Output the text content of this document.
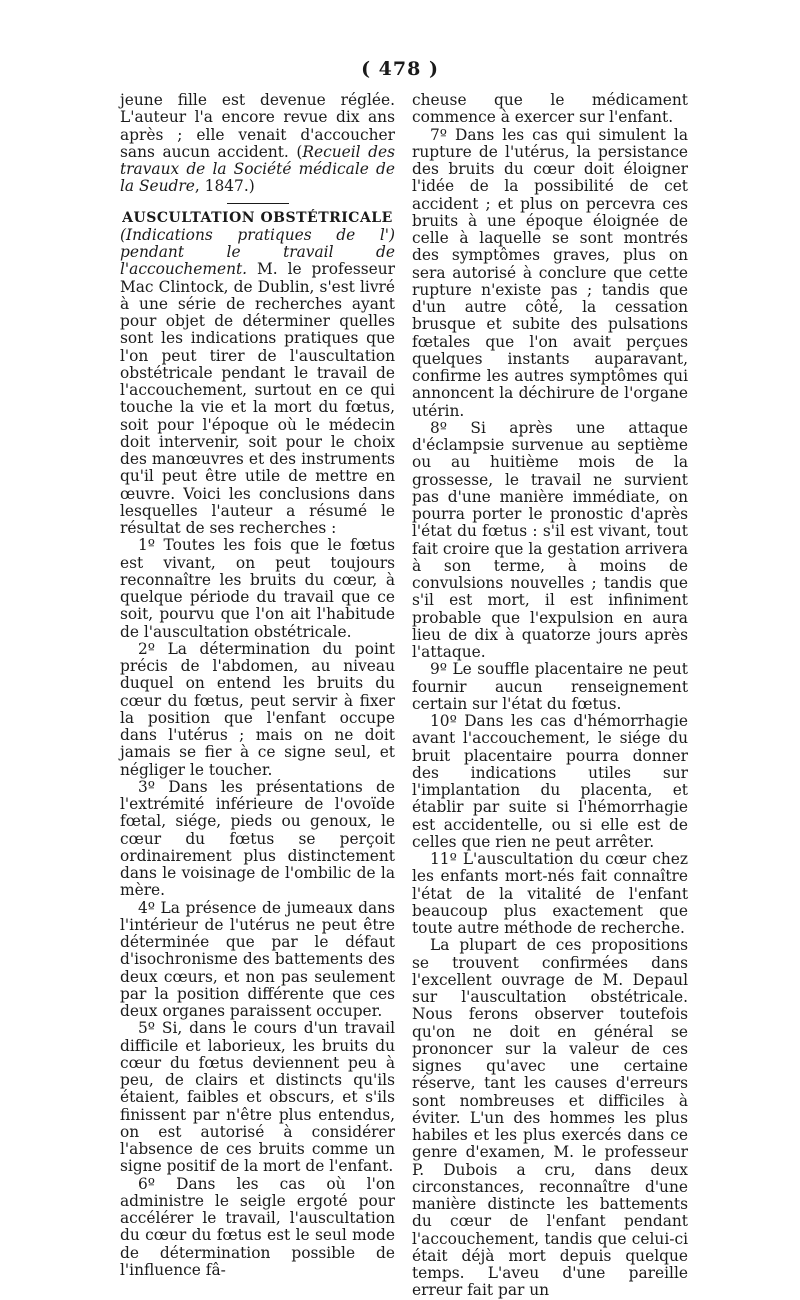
( 478 )

jeune fille est devenue réglée. L'auteur l'a encore revue dix ans après ; elle venait d'accoucher sans aucun accident. (Recueil des travaux de la Société médicale de la Seudre, 1847.)

AUSCULTATION OBSTÉTRICALE

(Indications pratiques de l') pendant le travail de l'accouchement. M. le professeur Mac Clintock, de Dublin, s'est livré à une série de recherches ayant pour objet de déterminer quelles sont les indications pratiques que l'on peut tirer de l'auscultation obstétricale pendant le travail de l'accouchement, surtout en ce qui touche la vie et la mort du fœtus, soit pour l'époque où le médecin doit intervenir, soit pour le choix des manœuvres et des instruments qu'il peut être utile de mettre en œuvre. Voici les conclusions dans lesquelles l'auteur a résumé le résultat de ses recherches :

1º Toutes les fois que le fœtus est vivant, on peut toujours reconnaître les bruits du cœur, à quelque période du travail que ce soit, pourvu que l'on ait l'habitude de l'auscultation obstétricale.

2º La détermination du point précis de l'abdomen, au niveau duquel on entend les bruits du cœur du fœtus, peut servir à fixer la position que l'enfant occupe dans l'utérus ; mais on ne doit jamais se fier à ce signe seul, et négliger le toucher.

3º Dans les présentations de l'extrémité inférieure de l'ovoïde fœtal, siége, pieds ou genoux, le cœur du fœtus se perçoit ordinairement plus distinctement dans le voisinage de l'ombilic de la mère.

4º La présence de jumeaux dans l'intérieur de l'utérus ne peut être déterminée que par le défaut d'isochronisme des battements des deux cœurs, et non pas seulement par la position différente que ces deux organes paraissent occuper.

5º Si, dans le cours d'un travail difficile et laborieux, les bruits du cœur du fœtus deviennent peu à peu, de clairs et distincts qu'ils étaient, faibles et obscurs, et s'ils finissent par n'être plus entendus, on est autorisé à considérer l'absence de ces bruits comme un signe positif de la mort de l'enfant.

6º Dans les cas où l'on administre le seigle ergoté pour accélérer le travail, l'auscultation du cœur du fœtus est le seul mode de détermination possible de l'influence fâ-

cheuse que le médicament commence à exercer sur l'enfant.

7º Dans les cas qui simulent la rupture de l'utérus, la persistance des bruits du cœur doit éloigner l'idée de la possibilité de cet accident ; et plus on percevra ces bruits à une époque éloignée de celle à laquelle se sont montrés des symptômes graves, plus on sera autorisé à conclure que cette rupture n'existe pas ; tandis que d'un autre côté, la cessation brusque et subite des pulsations fœtales que l'on avait perçues quelques instants auparavant, confirme les autres symptômes qui annoncent la déchirure de l'organe utérin.

8º Si après une attaque d'éclampsie survenue au septième ou au huitième mois de la grossesse, le travail ne survient pas d'une manière immédiate, on pourra porter le pronostic d'après l'état du fœtus : s'il est vivant, tout fait croire que la gestation arrivera à son terme, à moins de convulsions nouvelles ; tandis que s'il est mort, il est infiniment probable que l'expulsion en aura lieu de dix à quatorze jours après l'attaque.

9º Le souffle placentaire ne peut fournir aucun renseignement certain sur l'état du fœtus.

10º Dans les cas d'hémorrhagie avant l'accouchement, le siége du bruit placentaire pourra donner des indications utiles sur l'implantation du placenta, et établir par suite si l'hémorrhagie est accidentelle, ou si elle est de celles que rien ne peut arrêter.

11º L'auscultation du cœur chez les enfants mort-nés fait connaître l'état de la vitalité de l'enfant beaucoup plus exactement que toute autre méthode de recherche.

La plupart de ces propositions se trouvent confirmées dans l'excellent ouvrage de M. Depaul sur l'auscultation obstétricale. Nous ferons observer toutefois qu'on ne doit en général se prononcer sur la valeur de ces signes qu'avec une certaine réserve, tant les causes d'erreurs sont nombreuses et difficiles à éviter. L'un des hommes les plus habiles et les plus exercés dans ce genre d'examen, M. le professeur P. Dubois a cru, dans deux circonstances, reconnaître d'une manière distincte les battements du cœur de l'enfant pendant l'accouchement, tandis que celui-ci était déjà mort depuis quelque temps. L'aveu d'une pareille erreur fait par un
